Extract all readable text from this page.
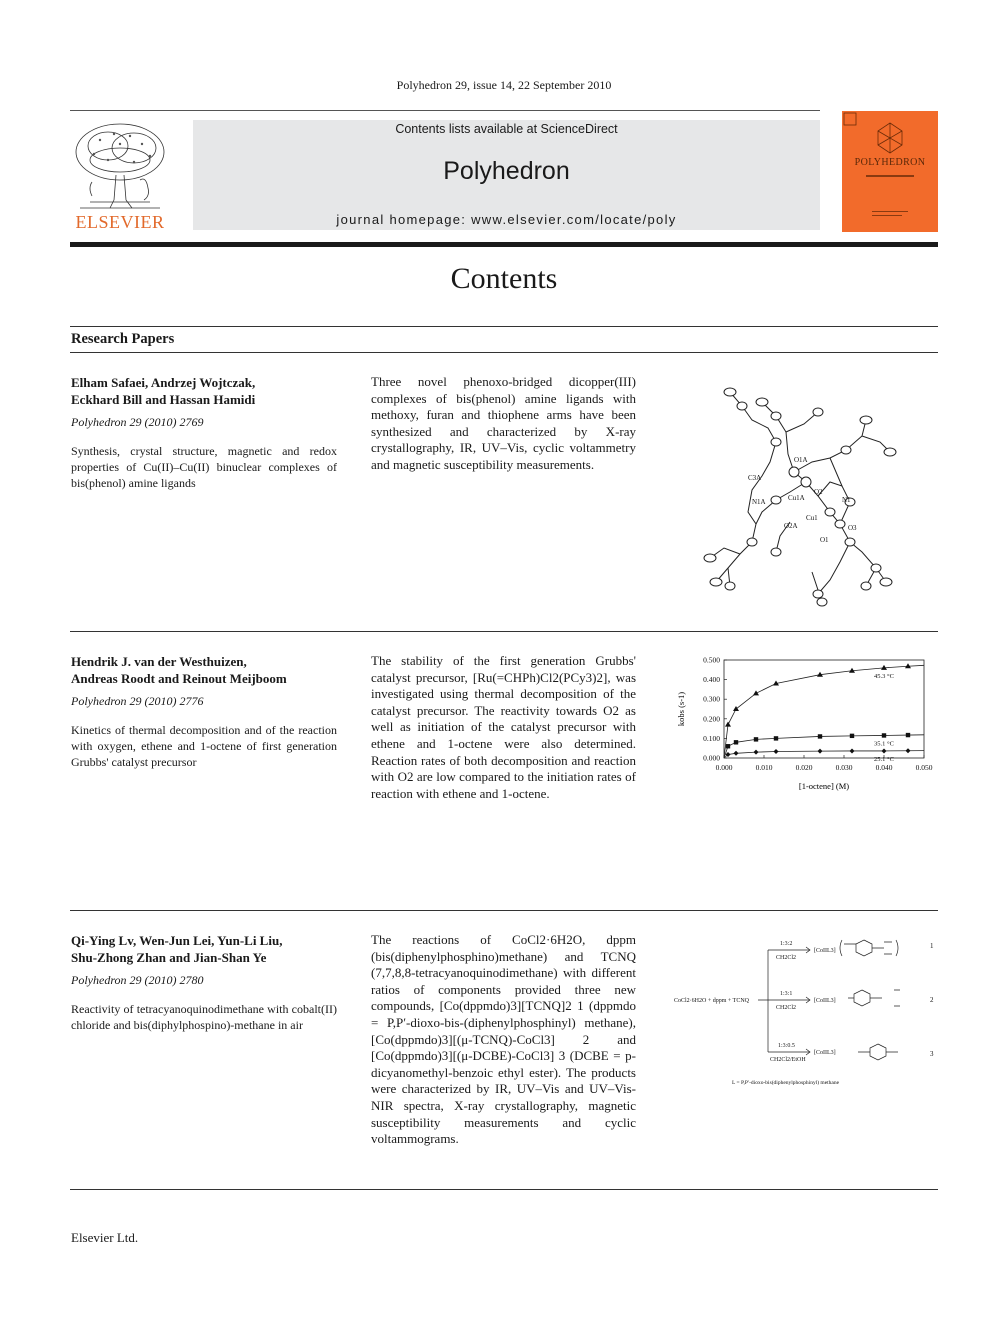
Polyhedron 29, issue 14, 22 September 2010
ELSEVIER
Contents lists available at ScienceDirect
Polyhedron
journal homepage: www.elsevier.com/locate/poly
POLYHEDRON
Contents
Research Papers
Elham Safaei, Andrzej Wojtczak,
Eckhard Bill and Hassan Hamidi
Polyhedron 29 (2010) 2769
Synthesis, crystal structure, magnetic and redox properties of Cu(II)–Cu(II) binuclear complexes of bis(phenol) amine ligands
Three novel phenoxo-bridged dicopper(III) complexes of bis(phenol) amine ligands with methoxy, furan and thiophene arms have been synthesized and characterized by X-ray crystallography, IR, UV–Vis, cyclic voltammetry and magnetic susceptibility measurements.	O1A
C3A
N1A	Cu1A
O2
N1
O2A
Cu1
O3
O1
Hendrik J. van der Westhuizen,
Andreas Roodt and Reinout Meijboom
Polyhedron 29 (2010) 2776
Kinetics of thermal decomposition and of the reaction with oxygen, ethene and 1-octene of first generation Grubbs' catalyst precursor
The stability of the first generation Grubbs' catalyst precursor, [Ru(=CHPh)Cl2(PCy3)2], was investigated using thermal decomposition of the catalyst precursor. The reactivity towards O2 as well as initiation of the catalyst precursor with ethene and 1-octene were also determined. Reaction rates of both decomposition and reaction with O2 are low compared to the initiation rates of reaction with ethene and 1-octene.
0.000	0.010	0.020	0.030	0.040	0.050
0.000
0.100
0.200
0.300
0.400
0.500
45.3 °C
35.1 °C
25.1 °C
[1-octene] (M)
kobs (s-1)
Qi-Ying Lv, Wen-Jun Lei, Yun-Li Liu,
Shu-Zhong Zhan and Jian-Shan Ye
Polyhedron 29 (2010) 2780
Reactivity of tetracyanoquinodimethane with cobalt(II) chloride and bis(diphylphospino)-methane in air
The reactions of CoCl2·6H2O, dppm (bis(diphenylphosphino)methane) and TCNQ (7,7,8,8-tetracyanoquinodimethane) with different ratios of components provided three new compounds, [Co(dppmdo)3][TCNQ]2 1 (dppmdo = P,P′-dioxo-bis-(diphenylphosphinyl) methane), [Co(dppmdo)3][(μ-TCNQ)-CoCl3] 2 and [Co(dppmdo)3][(μ-DCBE)-CoCl3] 3 (DCBE = p-dicyanomethyl-benzoic ethyl ester). The products were characterized by IR, UV–Vis and UV–Vis-NIR spectra, X-ray crystallography, magnetic susceptibility measurements and cyclic voltammograms.
CoCl2·6H2O + dppm + TCNQ
1:3:2
CH2Cl2
1:3:1
CH2Cl2
1:3:0.5
CH2Cl2/EtOH
[CoIIL3]
[CoIIL3]
[CoIIL3]
1
2
3
L = P,P′-dioxo-bis(diphenylphosphinyl) methane
Elsevier Ltd.
